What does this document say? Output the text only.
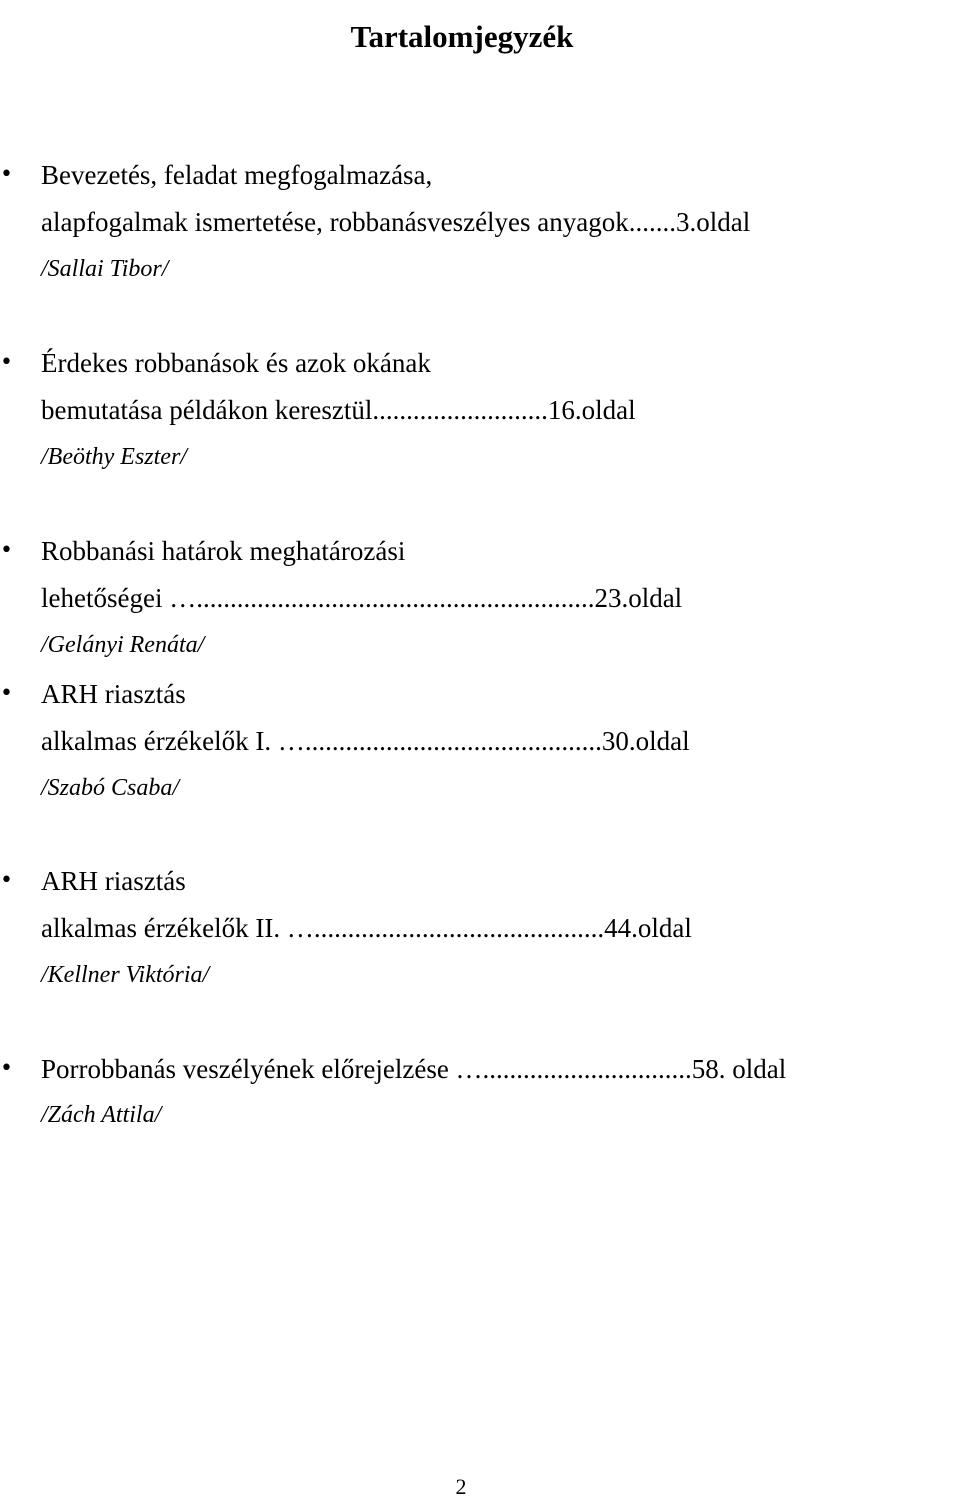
Tartalomjegyzék
• Bevezetés, feladat megfogalmazása,
alapfogalmak ismertetése, robbanásveszélyes anyagok.......3.oldal
/Sallai Tibor/
• Érdekes robbanások és azok okának
bemutatása példákon keresztül..........................16.oldal
/Beöthy Eszter/
• Robbanási határok meghatározási
lehetőségei …...........................................................23.oldal
/Gelányi Renáta/
• ARH riasztás
alkalmas érzékelők I. …............................................30.oldal
/Szabó Csaba/
• ARH riasztás
alkalmas érzékelők II. …...........................................44.oldal
/Kellner Viktória/
• Porrobbanás veszélyének előrejelzése …...............................58. oldal
/Zách Attila/
2
